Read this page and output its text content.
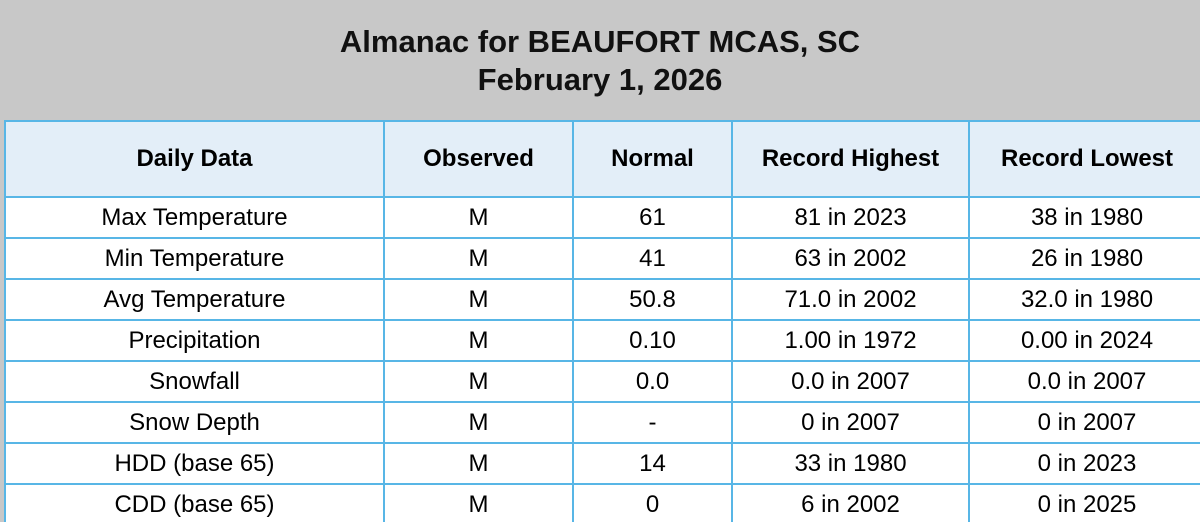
Almanac for BEAUFORT MCAS, SC
February 1, 2026
Daily Data	Observed	Normal	Record Highest	Record Lowest
Max Temperature	M	61	81 in 2023	38 in 1980
Min Temperature	M	41	63 in 2002	26 in 1980
Avg Temperature	M	50.8	71.0 in 2002	32.0 in 1980
Precipitation	M	0.10	1.00 in 1972	0.00 in 2024
Snowfall	M	0.0	0.0 in 2007	0.0 in 2007
Snow Depth	M	-	0 in 2007	0 in 2007
HDD (base 65)	M	14	33 in 1980	0 in 2023
CDD (base 65)	M	0	6 in 2002	0 in 2025
